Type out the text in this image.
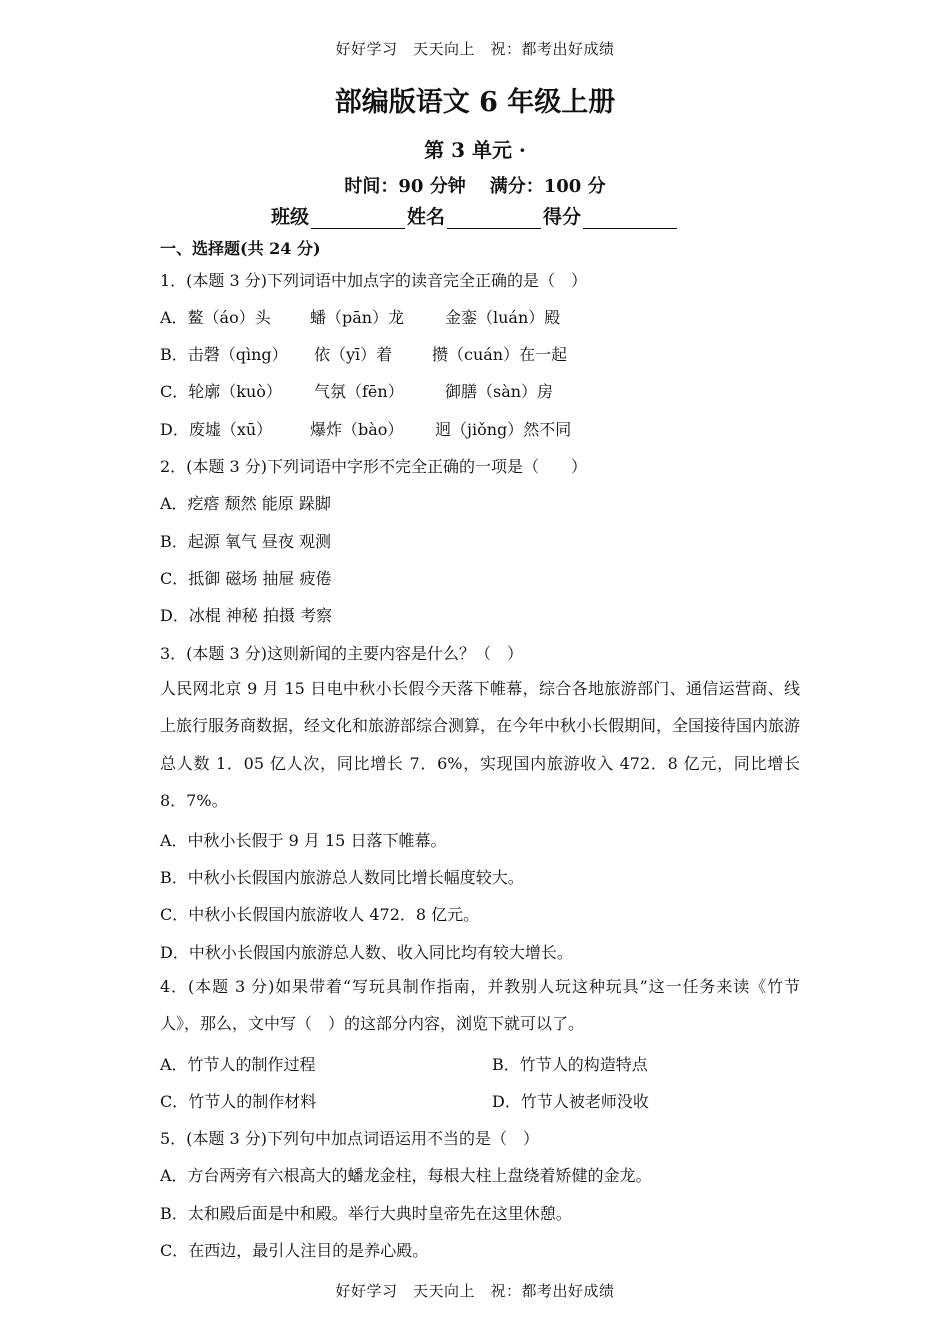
好好学习　天天向上　祝：都考出好成绩
部编版语文 6 年级上册
第 3 单元 ·
时间：90 分钟 满分：100 分
班级	姓名	得分
一、选择题(共 24 分)
1．(本题 3 分)下列词语中加点字的读音完全正确的是（　）
A．鳌（áo）头 蟠（pān）龙	金銮（luán）殿
B．击磬（qìng） 依（yī）着 攒（cuán）在一起
C．轮廓（kuò） 气氛（fēn）	御膳（sàn）房
D．废墟（xū） 爆炸（bào） 迥（jiǒng）然不同
2．(本题 3 分)下列词语中字形不完全正确的一项是（　　）
A．疙瘩 颓然 能原 跺脚
B．起源 氧气 昼夜 观测
C．抵御 磁场 抽屉 疲倦
D．冰棍 神秘 拍摄 考察
3．(本题 3 分)这则新闻的主要内容是什么？（　）
人民网北京 9 月 15 日电中秋小长假今天落下帷幕，综合各地旅游部门、通信运营商、线上旅行服务商数据，经文化和旅游部综合测算，在今年中秋小长假期间，全国接待国内旅游总人数 1．05 亿人次，同比增长 7．6%，实现国内旅游收入 472．8 亿元，同比增长 8．7%。
A．中秋小长假于 9 月 15 日落下帷幕。
B．中秋小长假国内旅游总人数同比增长幅度较大。
C．中秋小长假国内旅游收人 472．8 亿元。
D．中秋小长假国内旅游总人数、收入同比均有较大增长。
4．(本题 3 分)如果带着“写玩具制作指南，并教别人玩这种玩具”这一任务来读《竹节人》，那么，文中写（　）的这部分内容，浏览下就可以了。
A．竹节人的制作过程	B．竹节人的构造特点
C．竹节人的制作材料	D．竹节人被老师没收
5．(本题 3 分)下列句中加点词语运用不当的是（　）
A．方台两旁有六根高大的蟠龙金柱，每根大柱上盘绕着矫健的金龙。
B．太和殿后面是中和殿。举行大典时皇帝先在这里休憩。
C．在西边，最引人注目的是养心殿。
好好学习　天天向上　祝：都考出好成绩
